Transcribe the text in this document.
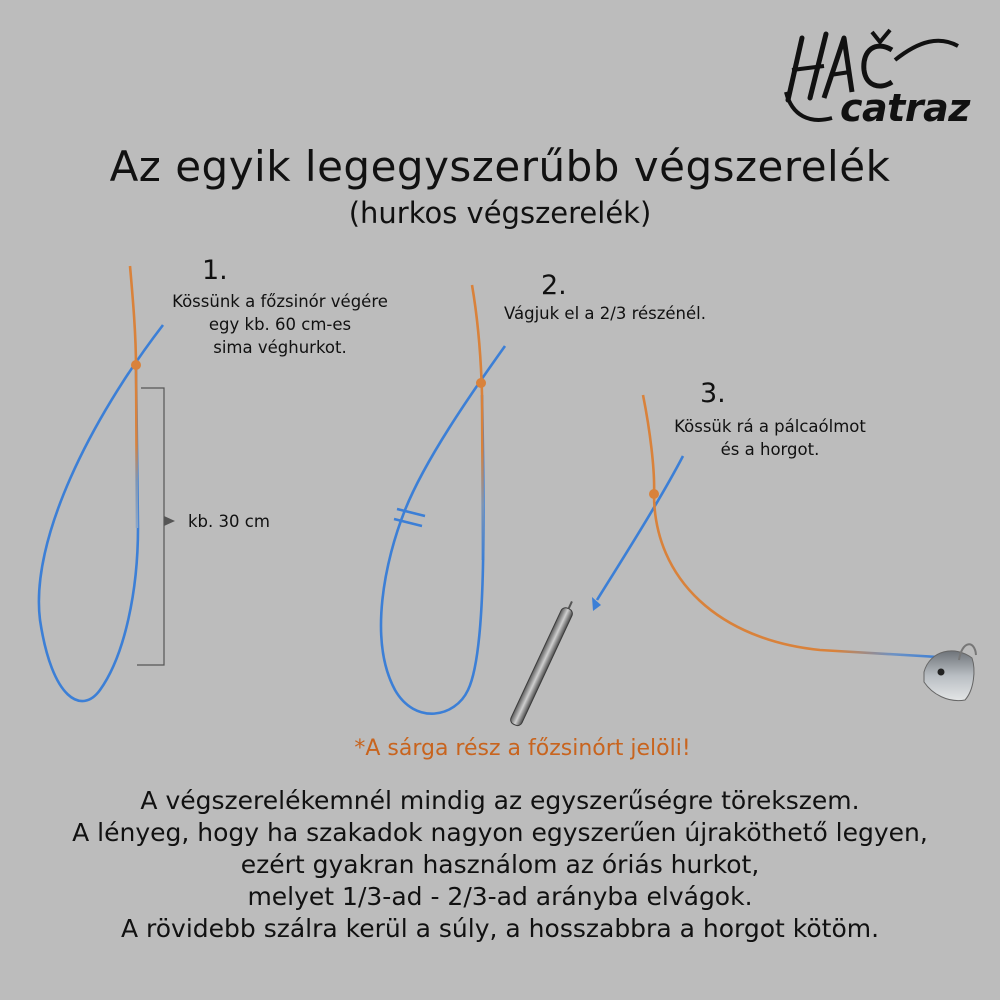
catraz
Az egyik legegyszerűbb végszerelék
(hurkos végszerelék)
1.
Kössünk a főzsinór végére
egy kb. 60 cm-es
sima véghurkot.
kb. 30 cm
2.
Vágjuk el a 2/3 részénél.
3.
Kössük rá a pálcaólmot
és a horgot.
*A sárga rész a főzsinórt jelöli!
A végszerelékemnél mindig az egyszerűségre törekszem.
A lényeg, hogy ha szakadok nagyon egyszerűen újraköthető legyen,
ezért gyakran használom az óriás hurkot,
melyet 1/3-ad - 2/3-ad arányba elvágok.
A rövidebb szálra kerül a súly, a hosszabbra a horgot kötöm.
